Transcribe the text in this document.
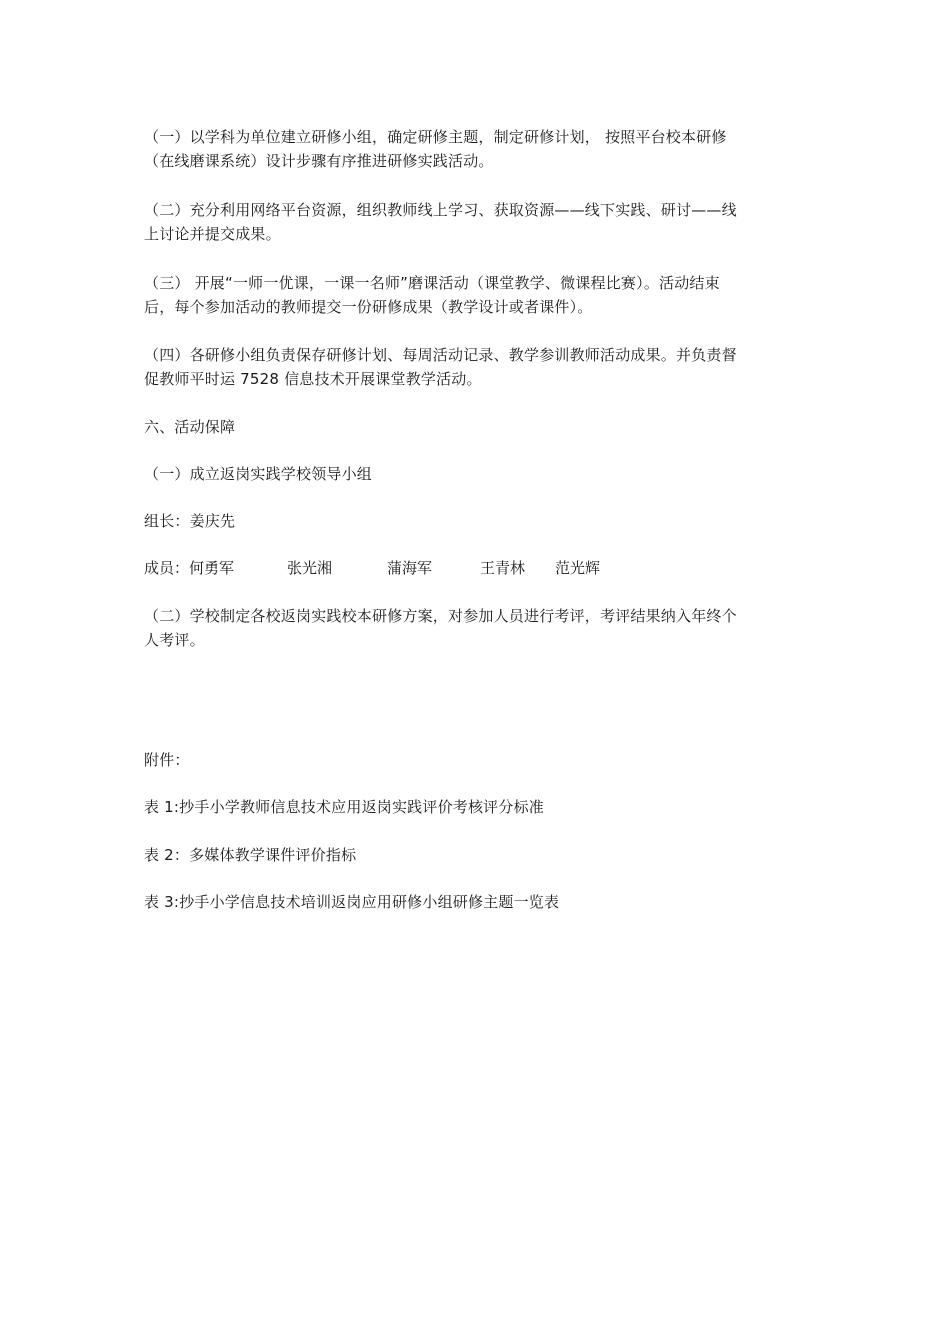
（一）以学科为单位建立研修小组，确定研修主题，制定研修计划， 按照平台校本研修
（在线磨课系统）设计步骤有序推进研修实践活动。
（二）充分利用网络平台资源，组织教师线上学习、获取资源——线下实践、研讨——线
上讨论并提交成果。
（三） 开展“一师一优课，一课一名师”磨课活动（课堂教学、微课程比赛）。活动结束
后，每个参加活动的教师提交一份研修成果（教学设计或者课件）。
（四）各研修小组负责保存研修计划、每周活动记录、教学参训教师活动成果。并负责督
促教师平时运 7528 信息技术开展课堂教学活动。
六、活动保障
（一）成立返岗实践学校领导小组
组长：姜庆先
成员：何勇军	张光湘	蒲海军	王青林 范光辉
（二）学校制定各校返岗实践校本研修方案，对参加人员进行考评，考评结果纳入年终个
人考评。
附件：
表 1:抄手小学教师信息技术应用返岗实践评价考核评分标准
表 2：多媒体教学课件评价指标
表 3:抄手小学信息技术培训返岗应用研修小组研修主题一览表
